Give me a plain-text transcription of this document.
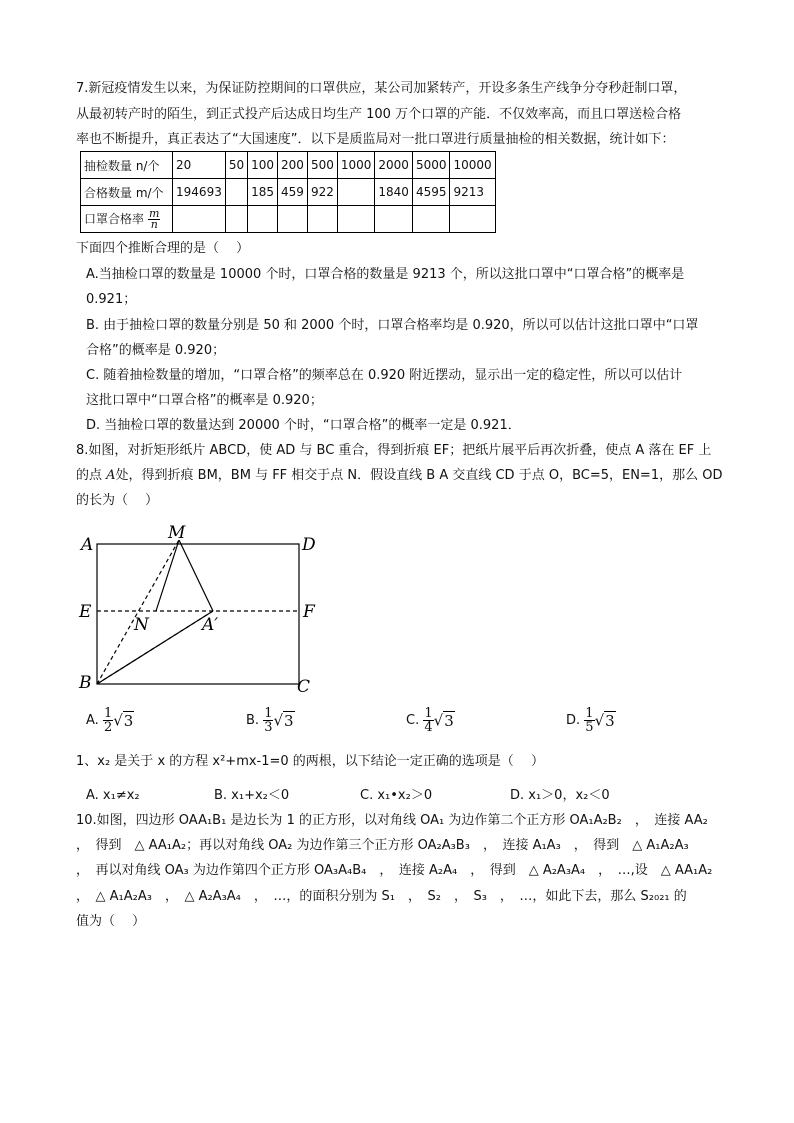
7.新冠疫情发生以来，为保证防控期间的口罩供应，某公司加紧转产，开设多条生产线争分夺秒赶制口罩，
从最初转产时的陌生，到正式投产后达成日均生产 100 万个口罩的产能．不仅效率高，而且口罩送检合格
率也不断提升，真正表达了“大国速度”．以下是质监局对一批口罩进行质量抽检的相关数据，统计如下：
抽检数量 n/个	20	50	100	200	500	1000	2000	5000	10000
合格数量 m/个	194693		185	459	922		1840	4595	9213
口罩合格率 $\frac{m}{n}$

下面四个推断合理的是（　 ）
A.当抽检口罩的数量是 10000 个时，口罩合格的数量是 9213 个，所以这批口罩中“口罩合格”的概率是
0.921；
B. 由于抽检口罩的数量分别是 50 和 2000 个时，口罩合格率均是 0.920，所以可以估计这批口罩中“口罩
合格”的概率是 0.920；
C. 随着抽检数量的增加，“口罩合格”的频率总在 0.920 附近摆动，显示出一定的稳定性，所以可以估计
这批口罩中“口罩合格”的概率是 0.920；
D. 当抽检口罩的数量达到 20000 个时，“口罩合格”的概率一定是 0.921．
8.如图，对折矩形纸片 ABCD，使 AD 与 BC 重合，得到折痕 EF；把纸片展平后再次折叠，使点 A 落在 EF 上
的点 A处，得到折痕 BM，BM 与 FF 相交于点 N．假设直线 B A 交直线 CD 于点 O，BC=5，EN=1，那么 OD
的长为（　 ）
A
M
D
E
N	A′
F
B	C
A. $\frac{1}{2} √3$	B. $\frac{1}{3} √3$	C. $\frac{1}{4} √3$	D. $\frac{1}{5} √3$
1、x₂ 是关于 x 的方程 x²+mx-1=0 的两根，以下结论一定正确的选项是（　 ）
A. x₁≠x₂	B. x₁+x₂＜0	C. x₁•x₂＞0	D. x₁＞0，x₂＜0
10.如图，四边形 OAA₁B₁ 是边长为 1 的正方形，以对角线 OA₁ 为边作第二个正方形 OA₁A₂B₂　，　连接 AA₂
，　得到　△ AA₁A₂；再以对角线 OA₂ 为边作第三个正方形 OA₂A₃B₃　，　连接 A₁A₃　，　得到　△ A₁A₂A₃
，　再以对角线 OA₃ 为边作第四个正方形 OA₃A₄B₄　，　连接 A₂A₄　，　得到　△ A₂A₃A₄　，　…,设　△ AA₁A₂
，　△ A₁A₂A₃　，　△ A₂A₃A₄　，　…，的面积分别为 S₁　，　S₂　，　S₃　，　…，如此下去，那么 S₂₀₂₁ 的
值为（　 ）
